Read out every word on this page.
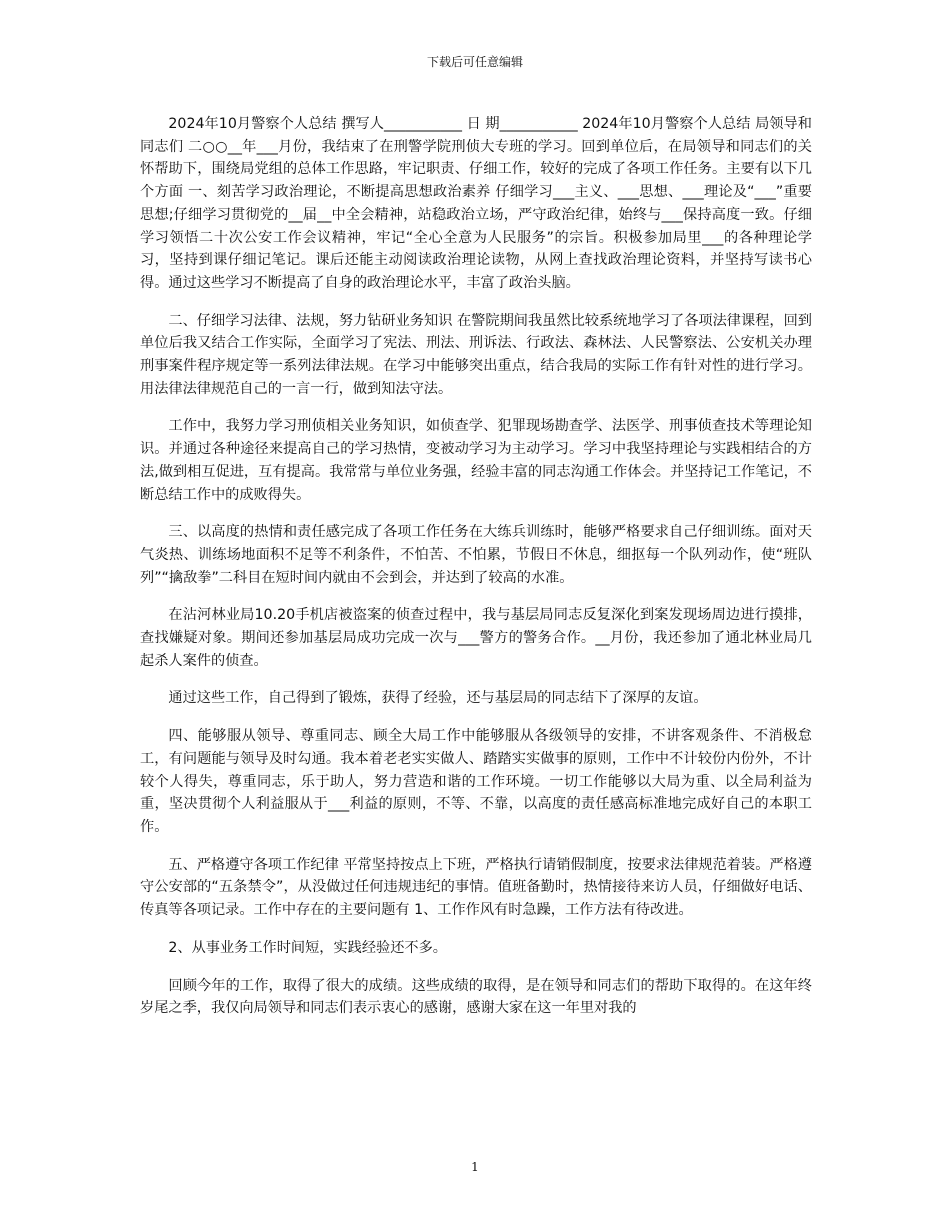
下载后可任意编辑

2024年10月警察个人总结 撰写人___________ 日 期___________ 2024年10月警察个人总结 局领导和同志们 二○○__年___月份，我结束了在刑警学院刑侦大专班的学习。回到单位后，在局领导和同志们的关怀帮助下，围绕局党组的总体工作思路，牢记职责、仔细工作，较好的完成了各项工作任务。主要有以下几个方面 一、刻苦学习政治理论，不断提高思想政治素养 仔细学习___主义、___思想、___理论及“___”重要思想;仔细学习贯彻党的__届__中全会精神，站稳政治立场，严守政治纪律，始终与___保持高度一致。仔细学习领悟二十次公安工作会议精神，牢记“全心全意为人民服务”的宗旨。积极参加局里___的各种理论学习，坚持到课仔细记笔记。课后还能主动阅读政治理论读物，从网上查找政治理论资料，并坚持写读书心得。通过这些学习不断提高了自身的政治理论水平，丰富了政治头脑。

二、仔细学习法律、法规，努力钻研业务知识 在警院期间我虽然比较系统地学习了各项法律课程，回到单位后我又结合工作实际，全面学习了宪法、刑法、刑诉法、行政法、森林法、人民警察法、公安机关办理刑事案件程序规定等一系列法律法规。在学习中能够突出重点，结合我局的实际工作有针对性的进行学习。用法律法律规范自己的一言一行，做到知法守法。

工作中，我努力学习刑侦相关业务知识，如侦查学、犯罪现场勘查学、法医学、刑事侦查技术等理论知识。并通过各种途径来提高自己的学习热情，变被动学习为主动学习。学习中我坚持理论与实践相结合的方法,做到相互促进，互有提高。我常常与单位业务强，经验丰富的同志沟通工作体会。并坚持记工作笔记，不断总结工作中的成败得失。

三、以高度的热情和责任感完成了各项工作任务在大练兵训练时，能够严格要求自己仔细训练。面对天气炎热、训练场地面积不足等不利条件，不怕苦、不怕累，节假日不休息，细抠每一个队列动作，使“班队列”“擒敌拳”二科目在短时间内就由不会到会，并达到了较高的水准。

在沾河林业局10.20手机店被盗案的侦查过程中，我与基层局同志反复深化到案发现场周边进行摸排，查找嫌疑对象。期间还参加基层局成功完成一次与___警方的警务合作。__月份，我还参加了通北林业局几起杀人案件的侦查。

通过这些工作，自己得到了锻炼，获得了经验，还与基层局的同志结下了深厚的友谊。

四、能够服从领导、尊重同志、顾全大局工作中能够服从各级领导的安排，不讲客观条件、不消极怠工，有问题能与领导及时勾通。我本着老老实实做人、踏踏实实做事的原则，工作中不计较份内份外，不计较个人得失，尊重同志，乐于助人，努力营造和谐的工作环境。一切工作能够以大局为重、以全局利益为重，坚决贯彻个人利益服从于___利益的原则，不等、不靠，以高度的责任感高标准地完成好自己的本职工作。

五、严格遵守各项工作纪律 平常坚持按点上下班，严格执行请销假制度，按要求法律规范着装。严格遵守公安部的“五条禁令”，从没做过任何违规违纪的事情。值班备勤时，热情接待来访人员，仔细做好电话、传真等各项记录。工作中存在的主要问题有 1、工作作风有时急躁，工作方法有待改进。

2、从事业务工作时间短，实践经验还不多。

回顾今年的工作，取得了很大的成绩。这些成绩的取得，是在领导和同志们的帮助下取得的。在这年终岁尾之季，我仅向局领导和同志们表示衷心的感谢，感谢大家在这一年里对我的

1
